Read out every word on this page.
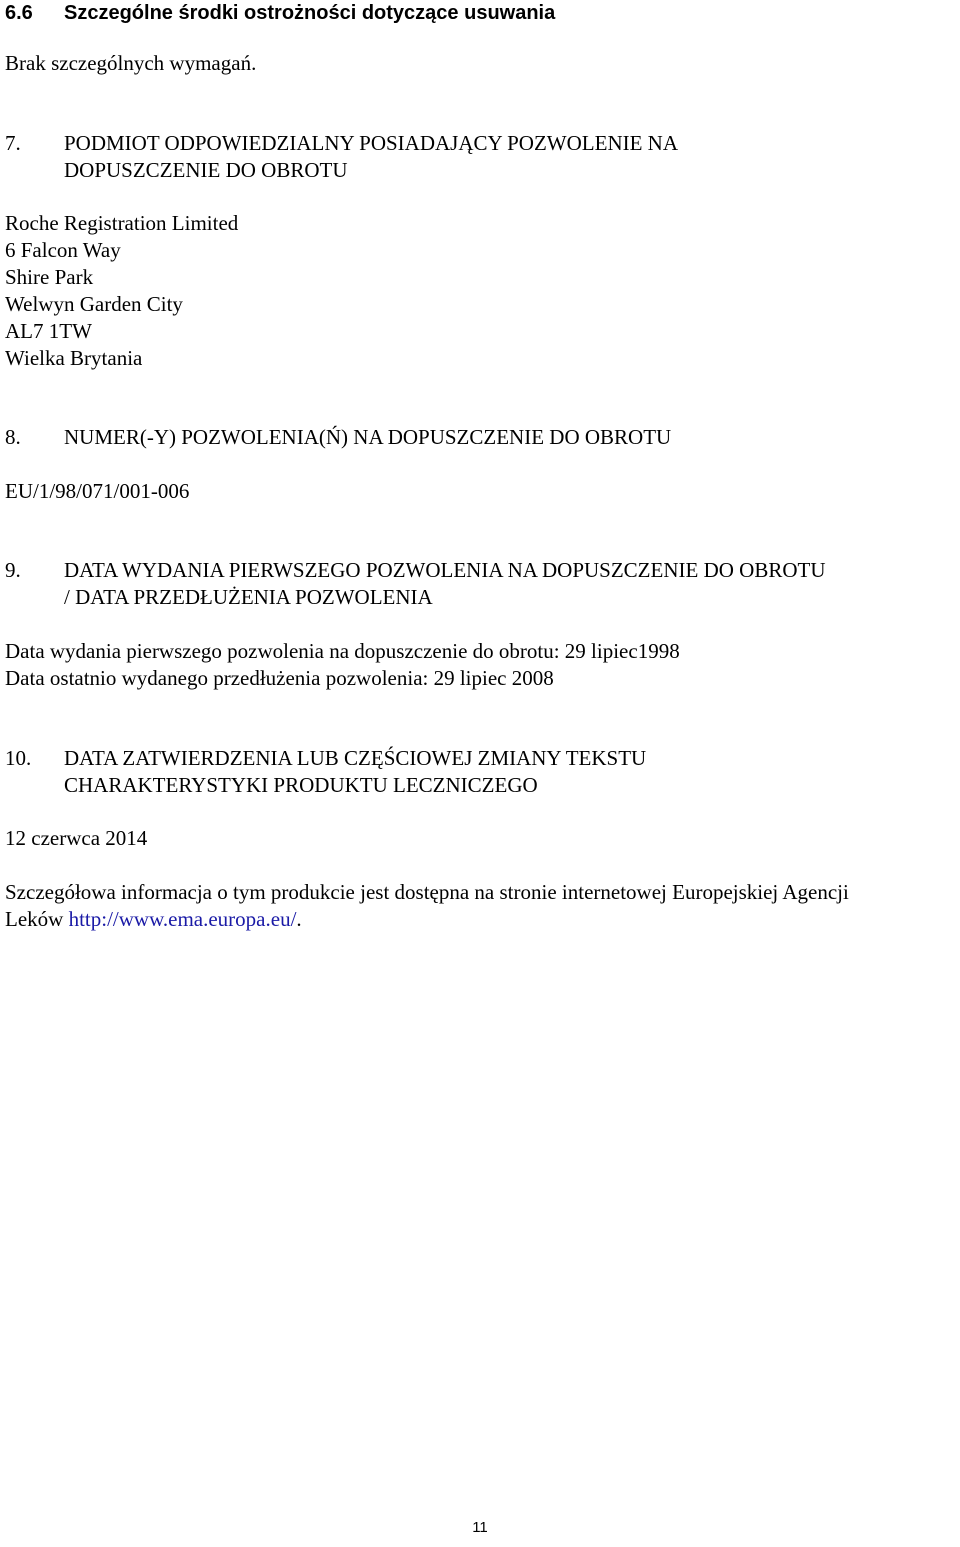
6.6 Szczególne środki ostrożności dotyczące usuwania
Brak szczególnych wymagań.
7. PODMIOT ODPOWIEDZIALNY POSIADAJĄCY POZWOLENIE NA
DOPUSZCZENIE DO OBROTU
Roche Registration Limited
6 Falcon Way
Shire Park
Welwyn Garden City
AL7 1TW
Wielka Brytania
8. NUMER(-Y) POZWOLENIA(Ń) NA DOPUSZCZENIE DO OBROTU
EU/1/98/071/001-006
9. DATA WYDANIA PIERWSZEGO POZWOLENIA NA DOPUSZCZENIE DO OBROTU
/ DATA PRZEDŁUŻENIA POZWOLENIA
Data wydania pierwszego pozwolenia na dopuszczenie do obrotu: 29 lipiec1998
Data ostatnio wydanego przedłużenia pozwolenia: 29 lipiec 2008
10. DATA ZATWIERDZENIA LUB CZĘŚCIOWEJ ZMIANY TEKSTU
CHARAKTERYSTYKI PRODUKTU LECZNICZEGO
12 czerwca 2014
Szczegółowa informacja o tym produkcie jest dostępna na stronie internetowej Europejskiej Agencji
Leków http://www.ema.europa.eu/.
11
